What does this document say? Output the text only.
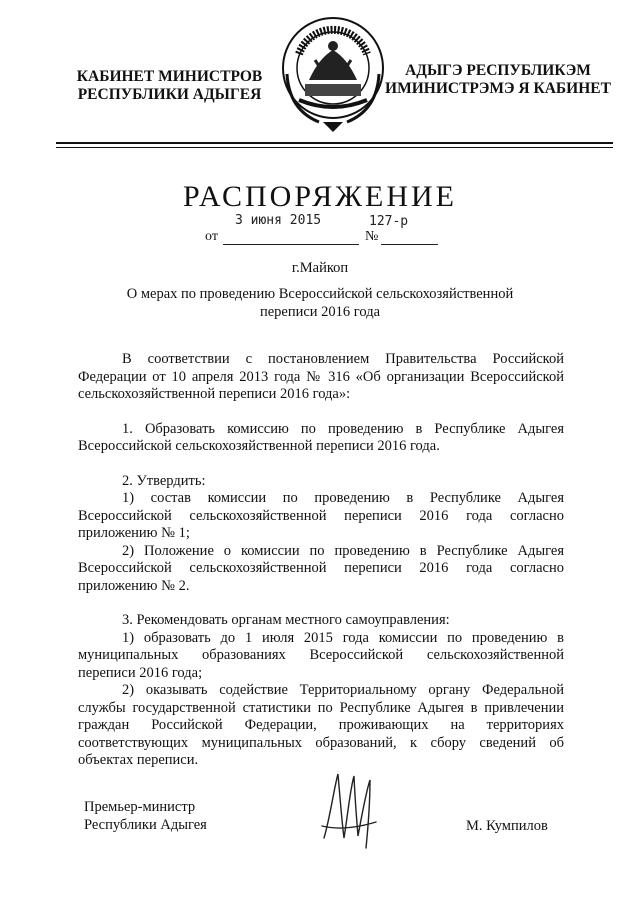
КАБИНЕТ МИНИСТРОВ
РЕСПУБЛИКИ АДЫГЕЯ
АДЫГЭ РЕСПУБЛИКЭМ
ИМИНИСТРЭМЭ Я КАБИНЕТ
РАСПОРЯЖЕНИЕ
от
3 июня 2015
№
127-р
г.Майкоп
О мерах по проведению Всероссийской сельскохозяйственной
переписи 2016 года

В соответствии с постановлением Правительства Российской Федерации от 10 апреля 2013 года № 316 «Об организации Всероссийской сельскохозяйственной переписи 2016 года»:

1. Образовать комиссию по проведению в Республике Адыгея Всероссийской сельскохозяйственной переписи 2016 года.

2. Утвердить:

1) состав комиссии по проведению в Республике Адыгея Всероссийской сельскохозяйственной переписи 2016 года согласно приложению № 1;

2) Положение о комиссии по проведению в Республике Адыгея Всероссийской сельскохозяйственной переписи 2016 года согласно приложению № 2.

3. Рекомендовать органам местного самоуправления:

1) образовать до 1 июля 2015 года комиссии по проведению в муниципальных образованиях Всероссийской сельскохозяйственной переписи 2016 года;

2) оказывать содействие Территориальному органу Федеральной службы государственной статистики по Республике Адыгея в привлечении граждан Российской Федерации, проживающих на территориях соответствующих муниципальных образований, к сбору сведений об объектах переписи.

Премьер-министр
Республики Адыгея	М. Кумпилов
